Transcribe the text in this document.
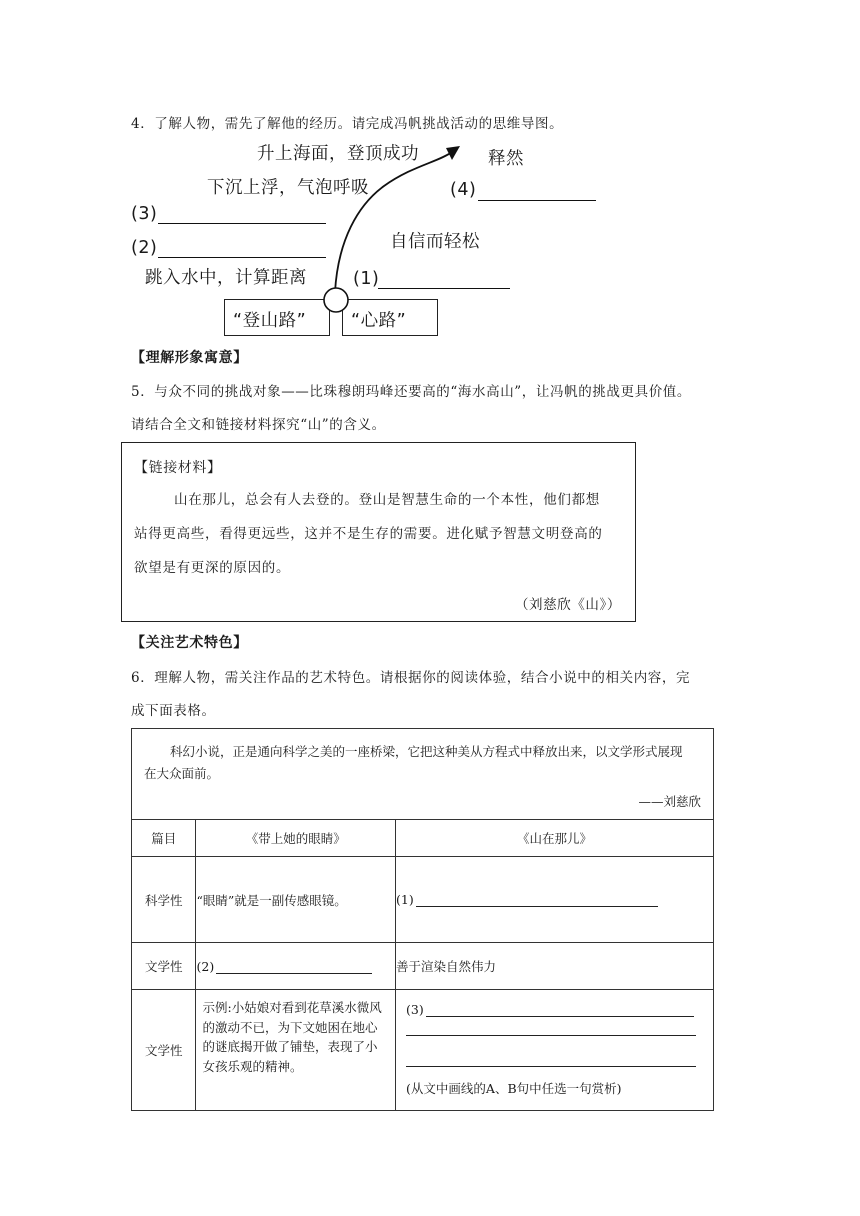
4．了解人物，需先了解他的经历。请完成冯帆挑战活动的思维导图。
升上海面，登顶成功
下沉上浮，气泡呼吸
(3)
(2)
跳入水中，计算距离
释然
(4)
自信而轻松
(1)
“登山路”	“心路”
【理解形象寓意】
5．与众不同的挑战对象——比珠穆朗玛峰还要高的“海水高山”，让冯帆的挑战更具价值。
请结合全文和链接材料探究“山”的含义。
【链接材料】
山在那儿，总会有人去登的。登山是智慧生命的一个本性，他们都想
站得更高些，看得更远些，这并不是生存的需要。进化赋予智慧文明登高的
欲望是有更深的原因的。
（刘慈欣《山》）
【关注艺术特色】
6．理解人物，需关注作品的艺术特色。请根据你的阅读体验，结合小说中的相关内容，完
成下面表格。
科幻小说，正是通向科学之美的一座桥梁，它把这种美从方程式中释放出来，以文学形式展现
在大众面前。
——刘慈欣		

篇目	《带上她的眼睛》	《山在那儿》
科学性	“眼睛”就是一副传感眼镜。	(1)
文学性	(2)	善于渲染自然伟力
文学性	示例:小姑娘对看到花草溪水微风的激动不已，为下文她困在地心的谜底揭开做了铺垫，表现了小女孩乐观的精神。	(3)
(从文中画线的A、B句中任选一句赏析)
